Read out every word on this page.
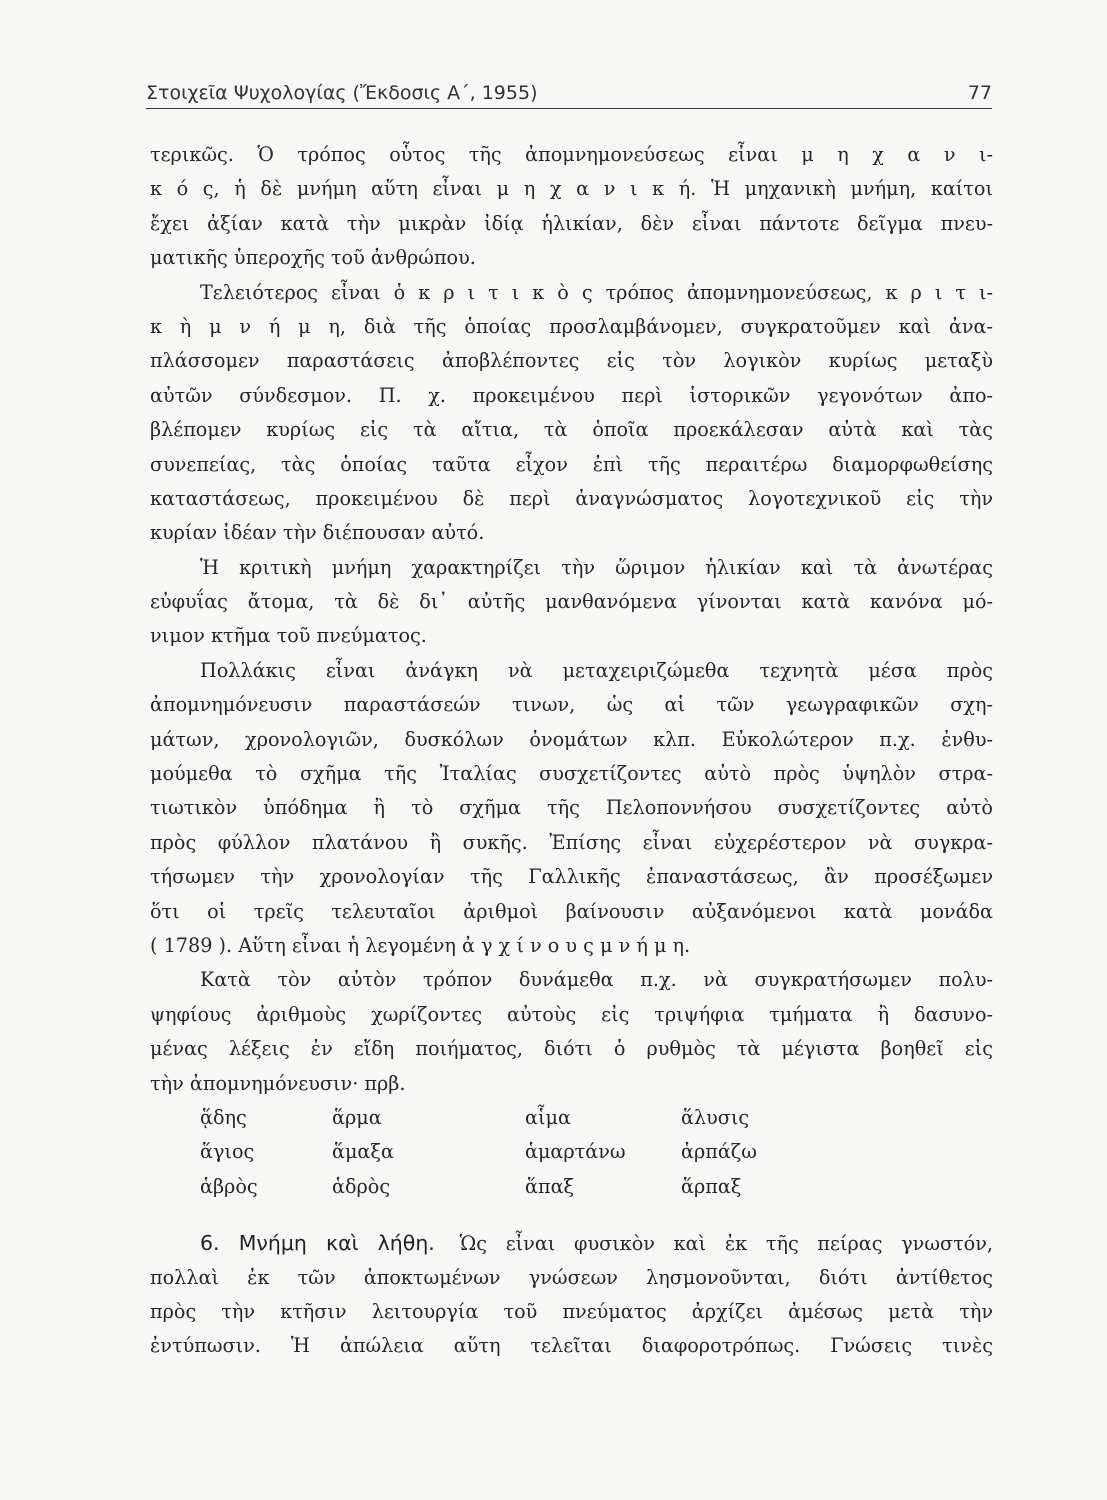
Στοιχεῖα Ψυχολογίας (Ἔκδοσις Α΄, 1955)	77
τερικῶς. Ὁ τρόπος οὗτος τῆς ἀπομνημονεύσεως εἶναι μ η χ α ν ι-
κ ό ς, ἡ δὲ μνήμη αὕτη εἶναι μ η χ α ν ι κ ή. Ἡ μηχανικὴ μνήμη, καίτοι
ἔχει ἀξίαν κατὰ τὴν μικρὰν ἰδίᾳ ἡλικίαν, δὲν εἶναι πάντοτε δεῖγμα πνευ-
ματικῆς ὑπεροχῆς τοῦ ἀνθρώπου.
Τελειότερος εἶναι ὁ κ ρ ι τ ι κ ὸ ς τρόπος ἀπομνημονεύσεως, κ ρ ι τ ι-
κ ὴ μ ν ή μ η, διὰ τῆς ὁποίας προσλαμβάνομεν, συγκρατοῦμεν καὶ ἀνα-
πλάσσομεν παραστάσεις ἀποβλέποντες εἰς τὸν λογικὸν κυρίως μεταξὺ
αὐτῶν σύνδεσμον. Π. χ. προκειμένου περὶ ἱστορικῶν γεγονότων ἀπο-
βλέπομεν κυρίως εἰς τὰ αἴτια, τὰ ὁποῖα προεκάλεσαν αὐτὰ καὶ τὰς
συνεπείας, τὰς ὁποίας ταῦτα εἶχον ἐπὶ τῆς περαιτέρω διαμορφωθείσης
καταστάσεως, προκειμένου δὲ περὶ ἀναγνώσματος λογοτεχνικοῦ εἰς τὴν
κυρίαν ἰδέαν τὴν διέπουσαν αὐτό.
Ἡ κριτικὴ μνήμη χαρακτηρίζει τὴν ὥριμον ἡλικίαν καὶ τὰ ἀνωτέρας
εὐφυΐας ἄτομα, τὰ δὲ δι᾽ αὐτῆς μανθανόμενα γίνονται κατὰ κανόνα μό-
νιμον κτῆμα τοῦ πνεύματος.
Πολλάκις εἶναι ἀνάγκη νὰ μεταχειριζώμεθα τεχνητὰ μέσα πρὸς
ἀπομνημόνευσιν παραστάσεών τινων, ὡς αἱ τῶν γεωγραφικῶν σχη-
μάτων, χρονολογιῶν, δυσκόλων ὀνομάτων κλπ. Εὐκολώτερον π.χ. ἐνθυ-
μούμεθα τὸ σχῆμα τῆς Ἰταλίας συσχετίζοντες αὐτὸ πρὸς ὑψηλὸν στρα-
τιωτικὸν ὑπόδημα ἢ τὸ σχῆμα τῆς Πελοποννήσου συσχετίζοντες αὐτὸ
πρὸς φύλλον πλατάνου ἢ συκῆς. Ἐπίσης εἶναι εὐχερέστερον νὰ συγκρα-
τήσωμεν τὴν χρονολογίαν τῆς Γαλλικῆς ἐπαναστάσεως, ἂν προσέξωμεν
ὅτι οἱ τρεῖς τελευταῖοι ἀριθμοὶ βαίνουσιν αὐξανόμενοι κατὰ μονάδα
( 1789 ). Αὕτη εἶναι ἡ λεγομένη ἀ γ χ ί ν ο υ ς μ ν ή μ η.
Κατὰ τὸν αὐτὸν τρόπον δυνάμεθα π.χ. νὰ συγκρατήσωμεν πολυ-
ψηφίους ἀριθμοὺς χωρίζοντες αὐτοὺς εἰς τριψήφια τμήματα ἢ δασυνο-
μένας λέξεις ἐν εἴδη ποιήματος, διότι ὁ ρυθμὸς τὰ μέγιστα βοηθεῖ εἰς
τὴν ἀπομνημόνευσιν· πρβ.
ᾅδης	ἅρμα	αἷμα	ἅλυσις
ἅγιος	ἅμαξα	ἁμαρτάνω	ἁρπάζω
ἁβρὸς	ἁδρὸς	ἅπαξ	ἅρπαξ
6. Μνήμη καὶ λήθη. Ὡς εἶναι φυσικὸν καὶ ἐκ τῆς πείρας γνωστόν,
πολλαὶ ἐκ τῶν ἀποκτωμένων γνώσεων λησμονοῦνται, διότι ἀντίθετος
πρὸς τὴν κτῆσιν λειτουργία τοῦ πνεύματος ἀρχίζει ἀμέσως μετὰ τὴν
ἐντύπωσιν. Ἡ ἀπώλεια αὕτη τελεῖται διαφοροτρόπως. Γνώσεις τινὲς
